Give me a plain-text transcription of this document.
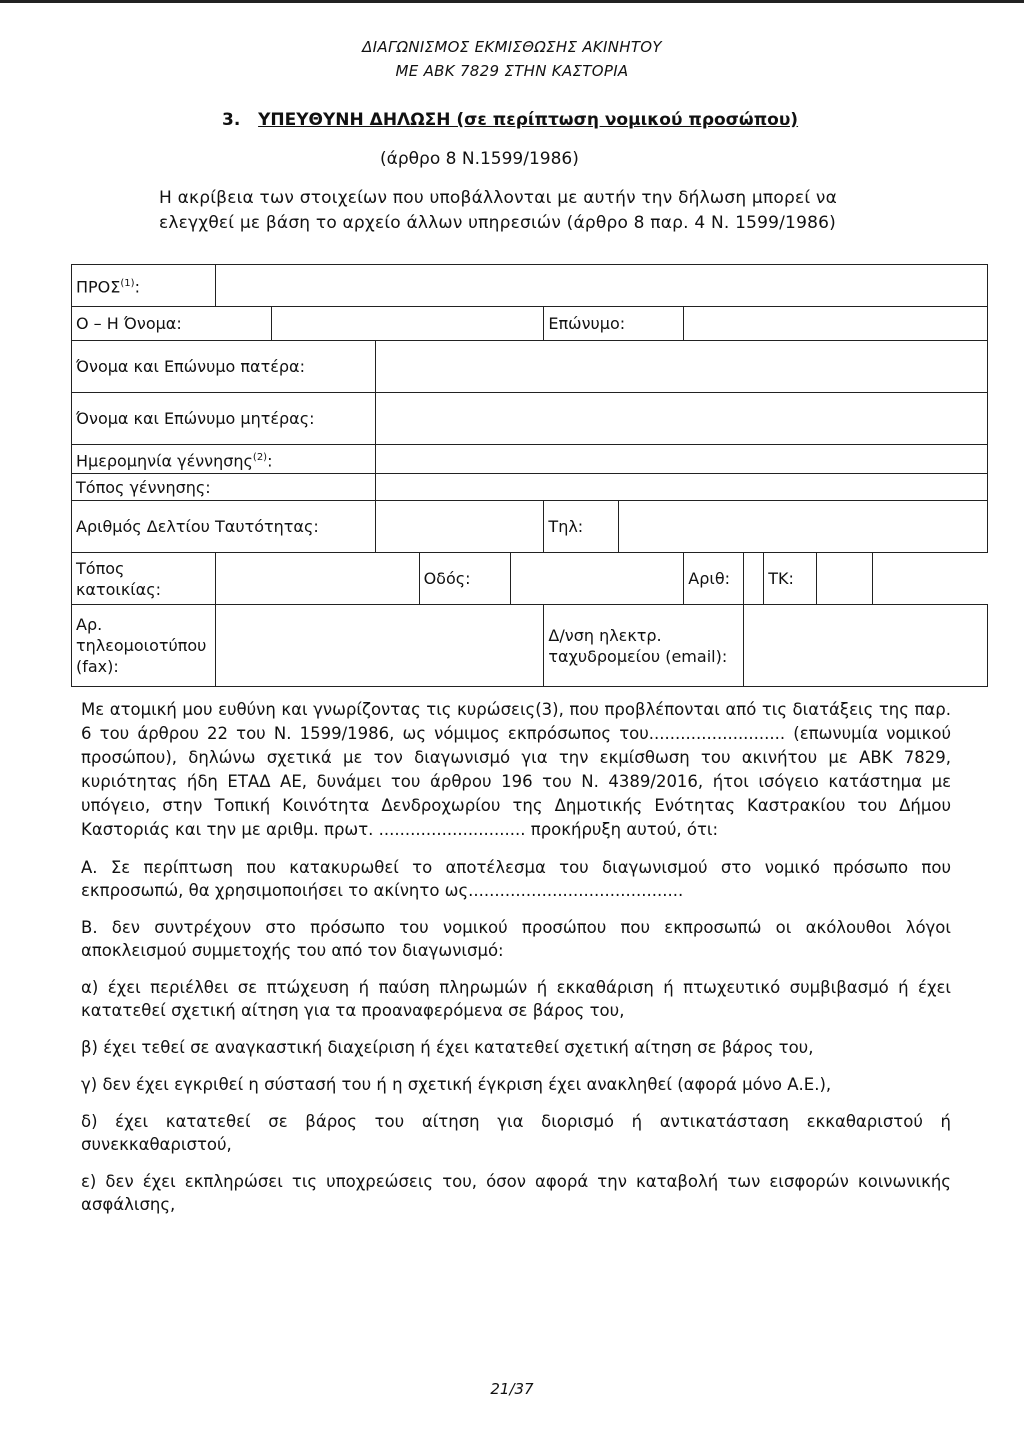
ΔΙΑΓΩΝΙΣΜΟΣ ΕΚΜΙΣΘΩΣΗΣ ΑΚΙΝΗΤΟΥ
ΜΕ ΑΒΚ 7829 ΣΤΗΝ ΚΑΣΤΟΡΙΑ
3. ΥΠΕΥΘΥΝΗ ΔΗΛΩΣΗ (σε περίπτωση νομικού προσώπου)
(άρθρο 8 Ν.1599/1986)
Η ακρίβεια των στοιχείων που υποβάλλονται με αυτήν την δήλωση μπορεί να ελεγχθεί με βάση το αρχείο άλλων υπηρεσιών (άρθρο 8 παρ. 4 Ν. 1599/1986)
ΠΡΟΣ$^{(1)}$:												
Ο – Η Όνομα:						Επώνυμο:						
Όνομα και Επώνυμο πατέρα:												
Όνομα και Επώνυμο μητέρας:												
Ημερομηνία γέννησης$^{(2)}$:												
Τόπος γέννησης:												
Αριθμός Δελτίου Ταυτότητας:						Τηλ:						
Τόπος κατοικίας:				Οδός:				Αριθ:		ΤΚ:		
Αρ. τηλεομοιοτύπου (fax):						Δ/νση ηλεκτρ. ταχυδρομείου (email):						

Με ατομική μου ευθύνη και γνωρίζοντας τις κυρώσεις(3), που προβλέπονται από τις διατάξεις της παρ. 6 του άρθρου 22 του Ν. 1599/1986, ως νόμιμος εκπρόσωπος του.......................... (επωνυμία νομικού προσώπου), δηλώνω σχετικά με τον διαγωνισμό για την εκμίσθωση του ακινήτου με ΑΒΚ 7829, κυριότητας ήδη ΕΤΑΔ ΑΕ, δυνάμει του άρθρου 196 του Ν. 4389/2016, ήτοι ισόγειο κατάστημα με υπόγειο, στην Τοπική Κοινότητα Δενδροχωρίου της Δημοτικής Ενότητας Καστρακίου του Δήμου Καστοριάς και την με αριθμ. πρωτ. ............................ προκήρυξη αυτού, ότι:

Α. Σε περίπτωση που κατακυρωθεί το αποτέλεσμα του διαγωνισμού στο νομικό πρόσωπο που εκπροσωπώ, θα χρησιμοποιήσει το ακίνητο ως.........................................

Β. δεν συντρέχουν στο πρόσωπο του νομικού προσώπου που εκπροσωπώ οι ακόλουθοι λόγοι αποκλεισμού συμμετοχής του από τον διαγωνισμό:

α) έχει περιέλθει σε πτώχευση ή παύση πληρωμών ή εκκαθάριση ή πτωχευτικό συμβιβασμό ή έχει κατατεθεί σχετική αίτηση για τα προαναφερόμενα σε βάρος του,

β) έχει τεθεί σε αναγκαστική διαχείριση ή έχει κατατεθεί σχετική αίτηση σε βάρος του,

γ) δεν έχει εγκριθεί η σύστασή του ή η σχετική έγκριση έχει ανακληθεί (αφορά μόνο Α.Ε.),

δ) έχει κατατεθεί σε βάρος του αίτηση για διορισμό ή αντικατάσταση εκκαθαριστού ή συνεκκαθαριστού,

ε) δεν έχει εκπληρώσει τις υποχρεώσεις του, όσον αφορά την καταβολή των εισφορών κοινωνικής ασφάλισης,

21/37
